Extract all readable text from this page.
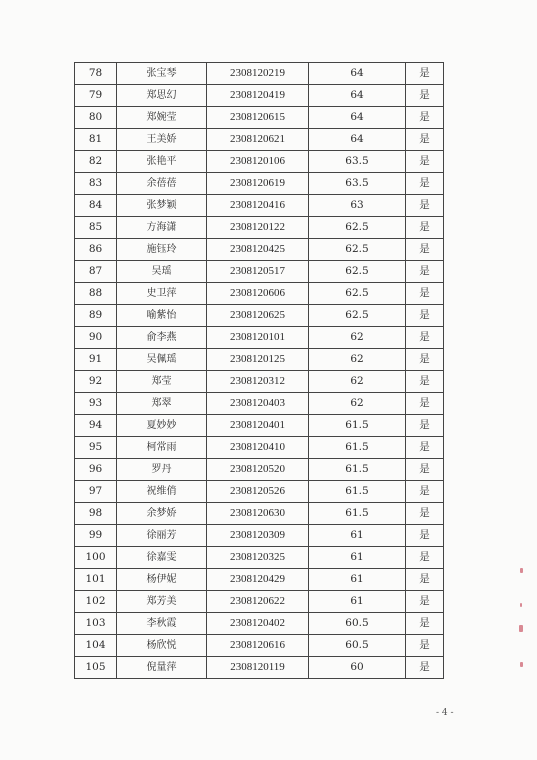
78	张宝琴	2308120219	64	是
79	郑思幻	2308120419	64	是
80	郑婉莹	2308120615	64	是
81	王美娇	2308120621	64	是
82	张艳平	2308120106	63.5	是
83	余蓓蓓	2308120619	63.5	是
84	张梦颖	2308120416	63	是
85	方海潇	2308120122	62.5	是
86	施钰玲	2308120425	62.5	是
87	吴瑶	2308120517	62.5	是
88	史卫萍	2308120606	62.5	是
89	喻紫怡	2308120625	62.5	是
90	俞李燕	2308120101	62	是
91	吴佩瑶	2308120125	62	是
92	郑莹	2308120312	62	是
93	郑翠	2308120403	62	是
94	夏妙妙	2308120401	61.5	是
95	柯常雨	2308120410	61.5	是
96	罗丹	2308120520	61.5	是
97	祝维俏	2308120526	61.5	是
98	余梦娇	2308120630	61.5	是
99	徐丽芳	2308120309	61	是
100	徐嘉雯	2308120325	61	是
101	杨伊妮	2308120429	61	是
102	郑芳美	2308120622	61	是
103	李秋霞	2308120402	60.5	是
104	杨欣悦	2308120616	60.5	是
105	倪量萍	2308120119	60	是
- 4 -
